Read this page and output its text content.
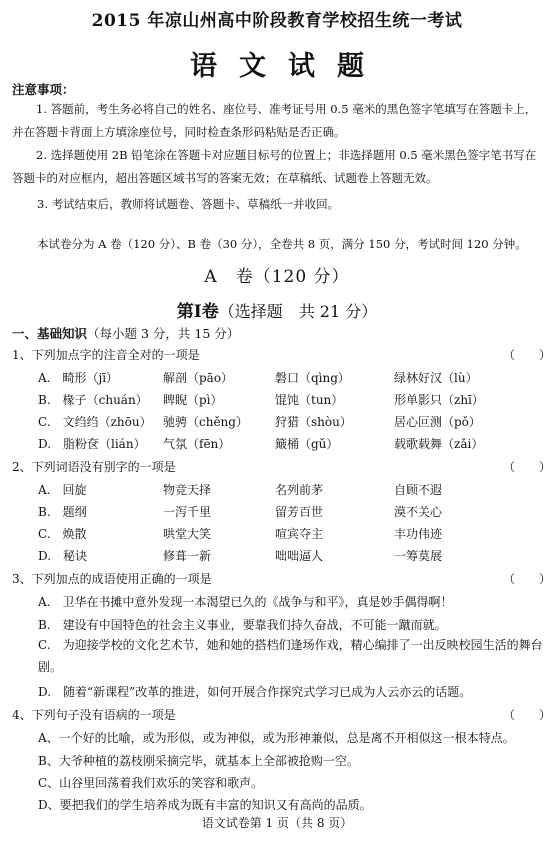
2015 年凉山州高中阶段教育学校招生统一考试
语文试题
注意事项：
1. 答题前，考生务必将自己的姓名、座位号、准考证号用 0.5 毫米的黑色签字笔填写在答题卡上，并在答题卡背面上方填涂座位号，同时检查条形码粘贴是否正确。
2. 选择题使用 2B 铅笔涂在答题卡对应题目标号的位置上；非选择题用 0.5 毫米黑色签字笔书写在答题卡的对应框内，超出答题区域书写的答案无效；在草稿纸、试题卷上答题无效。
3. 考试结束后，教师将试题卷、答题卡、草稿纸一并收回。
本试卷分为 A 卷（120 分）、B 卷（30 分），全卷共 8 页，满分 150 分，考试时间 120 分钟。
A　卷（120 分）
第Ⅰ卷（选择题　共 21 分）
一、基础知识（每小题 3 分，共 15 分）
1、下列加点字的注音全对的一项是	（　　）
A.　畸形（jī）	解剖（pāo）	磐口（qìng）	绿林好汉（lù）
B.　椽子（chuán） 睥睨（pì）	馄饨（tun）	形单影只（zhī）
C.　文绉绉（zhōu） 驰骋（chěng） 狩猎（shòu）	居心叵测（pǒ）
D.　脂粉奁（lián） 气氛（fēn）	簸桶（gǔ）	载歌载舞（zǎi）
2、下列词语没有别字的一项是	（　　）
A.　回旋	物竞天择	名列前茅	自顾不遐
B.　题纲	一泻千里	留芳百世	漠不关心
C.　焕散	哄堂大笑	喧宾夺主	丰功伟迹
D.　秘诀	修葺一新	咄咄逼人	一筹莫展
3、下列加点的成语使用正确的一项是	（　　）
A.　卫华在书摊中意外发现一本渴望已久的《战争与和平》，真是妙手偶得啊！
B.　建设有中国特色的社会主义事业，要靠我们持久奋战，不可能一蹴而就。
C.　为迎接学校的文化艺术节，她和她的搭档们逢场作戏，精心编排了一出反映校园生活的舞台剧。
D.　随着“新课程”改革的推进，如何开展合作探究式学习已成为人云亦云的话题。
4、下列句子没有语病的一项是	（　　）
A、一个好的比喻，或为形似，或为神似，或为形神兼似，总是离不开相似这一根本特点。
B、大爷种植的荔枝刚采摘完毕，就基本上全部被抢购一空。
C、山谷里回荡着我们欢乐的笑容和歌声。
D、要把我们的学生培养成为既有丰富的知识又有高尚的品质。
语文试卷第 1 页（共 8 页）
